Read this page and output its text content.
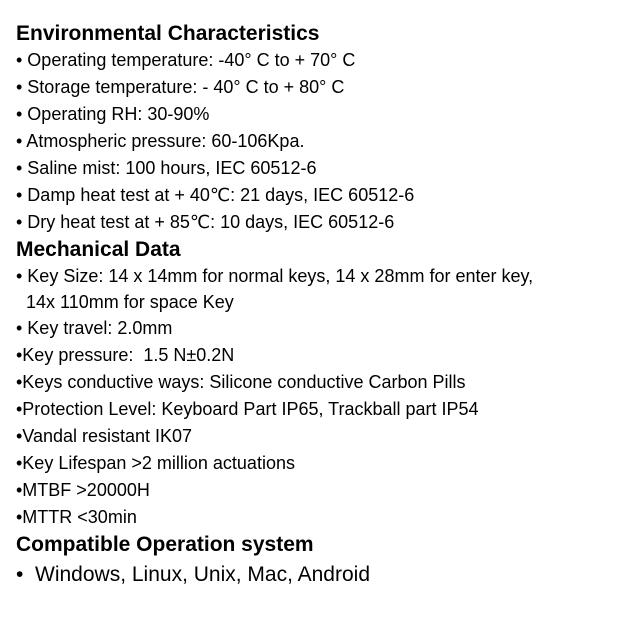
Environmental Characteristics

• Operating temperature: -40° C to + 70° C

• Storage temperature: - 40° C to + 80° C

• Operating RH: 30-90%

• Atmospheric pressure: 60-106Kpa.

• Saline mist: 100 hours, IEC 60512-6

• Damp heat test at + 40℃: 21 days, IEC 60512-6

• Dry heat test at + 85℃: 10 days, IEC 60512-6

Mechanical Data

• Key Size: 14 x 14mm for normal keys, 14 x 28mm for enter key,
14x 110mm for space Key

• Key travel: 2.0mm

•Key pressure:  1.5 N±0.2N

•Keys conductive ways: Silicone conductive Carbon Pills

•Protection Level: Keyboard Part IP65, Trackball part IP54

•Vandal resistant IK07

•Key Lifespan >2 million actuations

•MTBF >20000H

•MTTR <30min

Compatible Operation system

•  Windows, Linux, Unix, Mac, Android
